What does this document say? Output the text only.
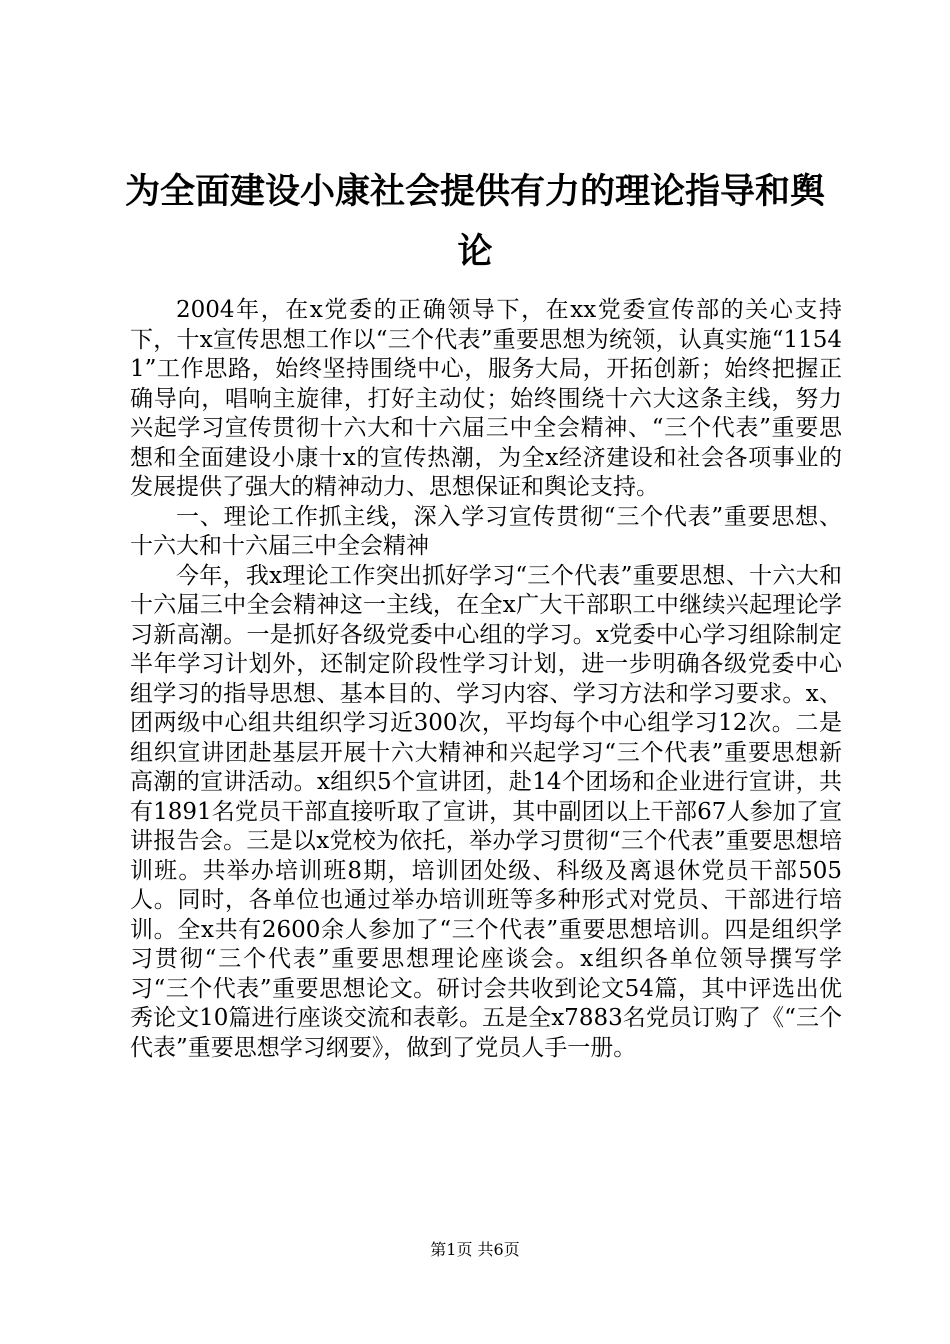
为全面建设小康社会提供有力的理论指导和舆论

2004年，在x党委的正确领导下，在xx党委宣传部的关心支持下，十x宣传思想工作以“三个代表”重要思想为统领，认真实施“11541”工作思路，始终坚持围绕中心，服务大局，开拓创新；始终把握正确导向，唱响主旋律，打好主动仗；始终围绕十六大这条主线，努力兴起学习宣传贯彻十六大和十六届三中全会精神、“三个代表”重要思想和全面建设小康十x的宣传热潮，为全x经济建设和社会各项事业的发展提供了强大的精神动力、思想保证和舆论支持。

一、理论工作抓主线，深入学习宣传贯彻“三个代表”重要思想、十六大和十六届三中全会精神

今年，我x理论工作突出抓好学习“三个代表”重要思想、十六大和十六届三中全会精神这一主线，在全x广大干部职工中继续兴起理论学习新高潮。一是抓好各级党委中心组的学习。x党委中心学习组除制定半年学习计划外，还制定阶段性学习计划，进一步明确各级党委中心组学习的指导思想、基本目的、学习内容、学习方法和学习要求。x、团两级中心组共组织学习近300次，平均每个中心组学习12次。二是组织宣讲团赴基层开展十六大精神和兴起学习“三个代表”重要思想新高潮的宣讲活动。x组织5个宣讲团，赴14个团场和企业进行宣讲，共有1891名党员干部直接听取了宣讲，其中副团以上干部67人参加了宣讲报告会。三是以x党校为依托，举办学习贯彻“三个代表”重要思想培训班。共举办培训班8期，培训团处级、科级及离退休党员干部505人。同时，各单位也通过举办培训班等多种形式对党员、干部进行培训。全x共有2600余人参加了“三个代表”重要思想培训。四是组织学习贯彻“三个代表”重要思想理论座谈会。x组织各单位领导撰写学习“三个代表”重要思想论文。研讨会共收到论文54篇，其中评选出优秀论文10篇进行座谈交流和表彰。五是全x7883名党员订购了《“三个代表”重要思想学习纲要》，做到了党员人手一册。

第1页 共6页
